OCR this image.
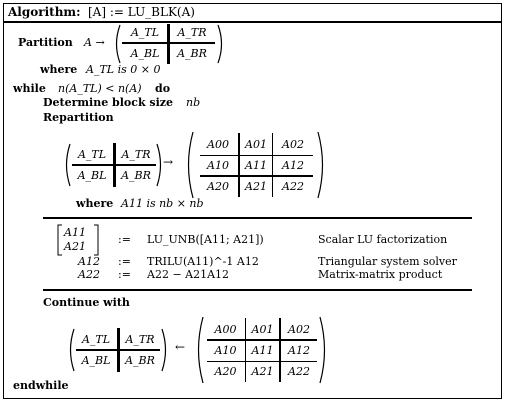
Algorithm: [A] := LU_BLK(A)
Partition A →
A_TL	A_TR
A_BL	A_BR
where A_TL is 0 × 0
while n(A_TL) < n(A) do
Determine block size nb
Repartition
A_TL	A_TR
A_BL	A_BR
→
A00	A01	A02
A10	A11	A12
A20	A21	A22
where A11 is nb × nb
A11
A21
:= LU_UNB([A11; A21])	Scalar LU factorization
A12 := TRILU(A11)^-1 A12	Triangular system solver
A22 := A22 − A21A12	Matrix-matrix product
Continue with
A_TL	A_TR
A_BL	A_BR
←
A00	A01	A02
A10	A11	A12
A20	A21	A22
endwhile
